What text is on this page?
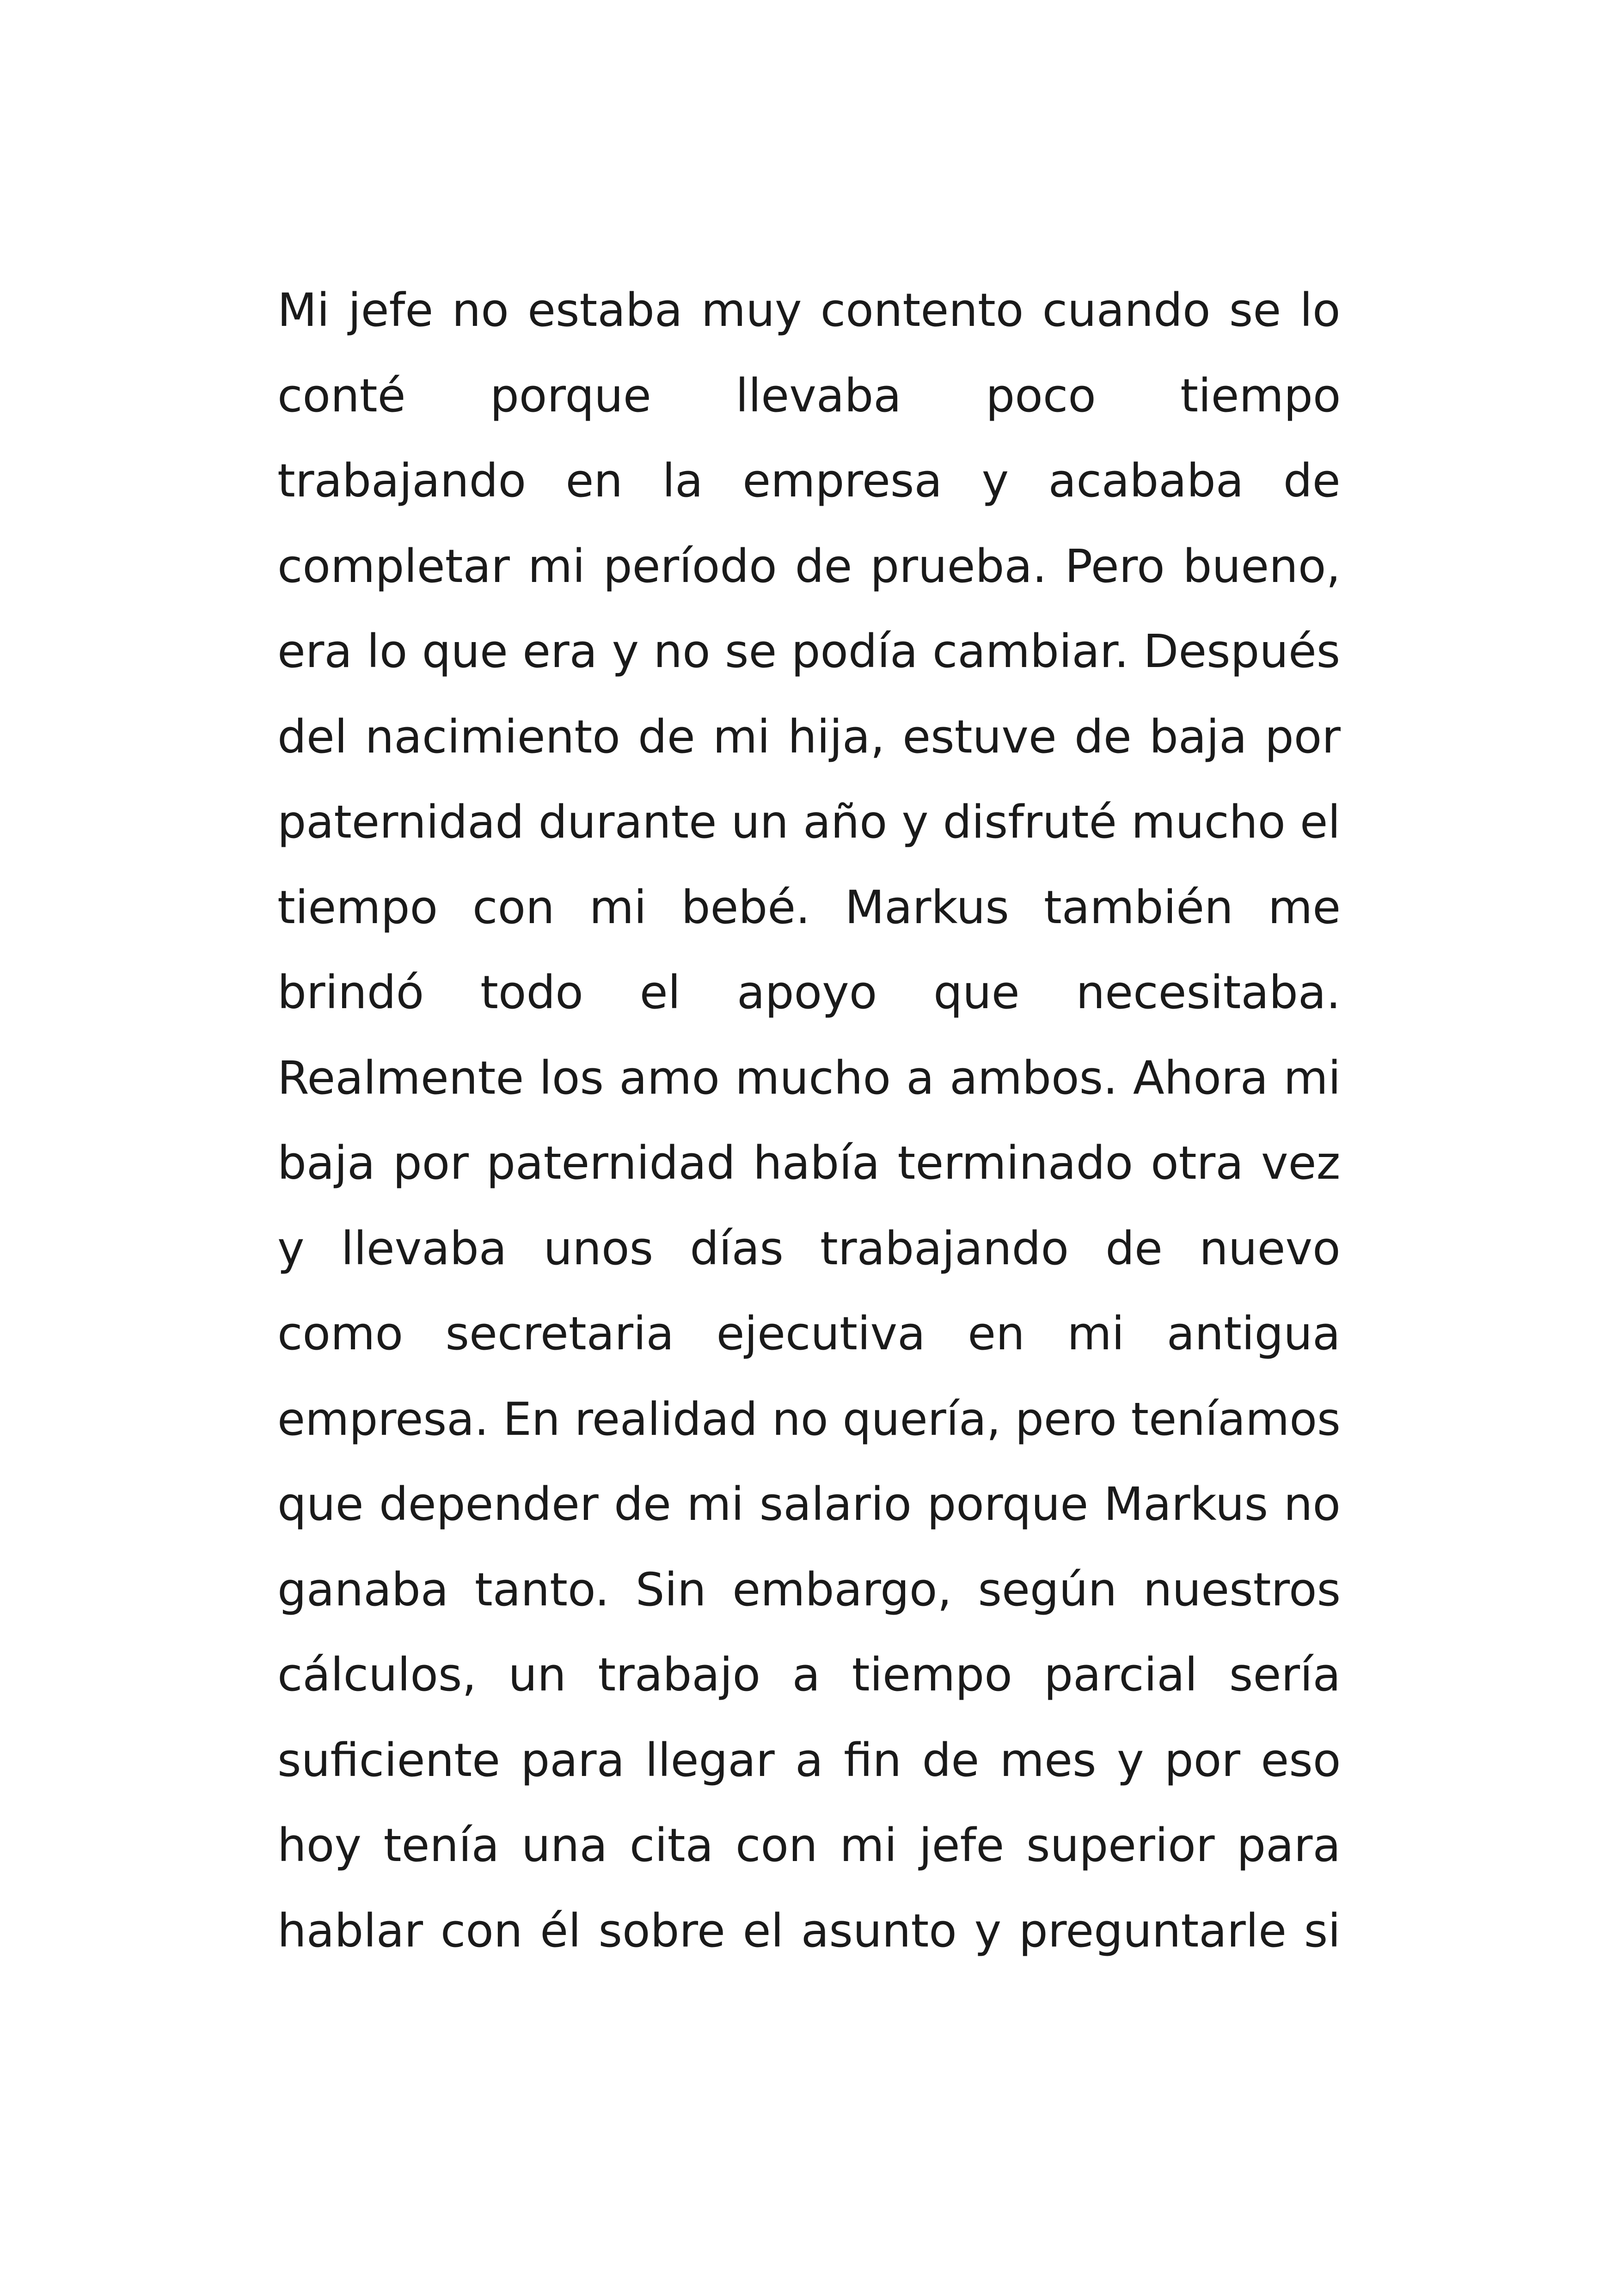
Mi jefe no estaba muy contento cuando se lo
conté porque llevaba poco tiempo
trabajando en la empresa y acababa de
completar mi período de prueba. Pero bueno,
era lo que era y no se podía cambiar. Después
del nacimiento de mi hija, estuve de baja por
paternidad durante un año y disfruté mucho el
tiempo con mi bebé. Markus también me
brindó todo el apoyo que necesitaba.
Realmente los amo mucho a ambos. Ahora mi
baja por paternidad había terminado otra vez
y llevaba unos días trabajando de nuevo
como secretaria ejecutiva en mi antigua
empresa. En realidad no quería, pero teníamos
que depender de mi salario porque Markus no
ganaba tanto. Sin embargo, según nuestros
cálculos, un trabajo a tiempo parcial sería
suficiente para llegar a fin de mes y por eso
hoy tenía una cita con mi jefe superior para
hablar con él sobre el asunto y preguntarle si
